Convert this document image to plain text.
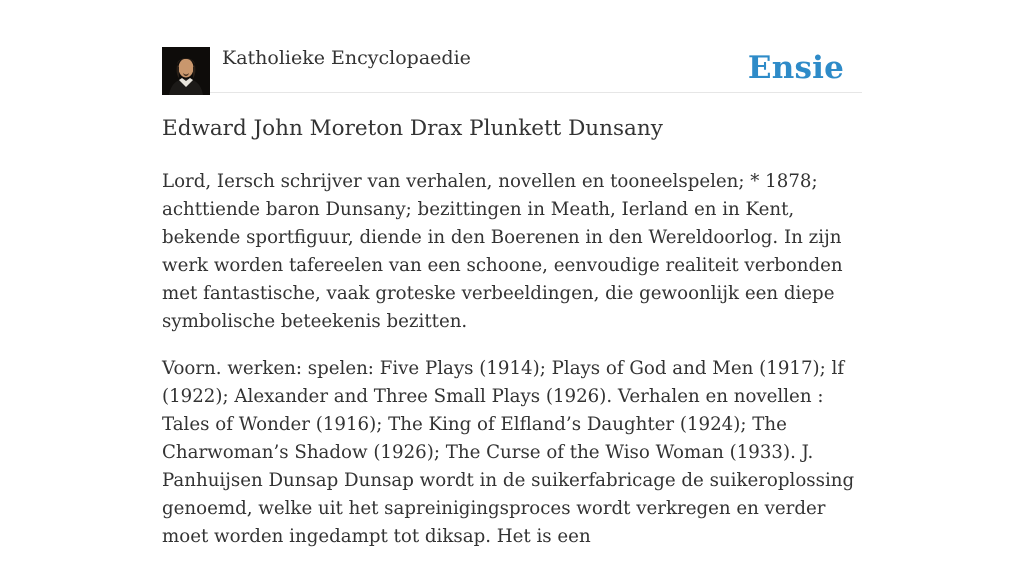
Katholieke Encyclopaedie	Ensie
Edward John Moreton Drax Plunkett Dunsany

Lord, Iersch schrijver van verhalen, novellen en tooneelspelen; * 1878; achttiende baron Dunsany; bezittingen in Meath, Ierland en in Kent, bekende sportfiguur, diende in den Boerenen in den Wereldoorlog. In zijn werk worden tafereelen van een schoone, eenvoudige realiteit verbonden met fantastische, vaak groteske verbeeldingen, die gewoonlijk een diepe symbolische beteekenis bezitten.

Voorn. werken: spelen: Five Plays (1914); Plays of God and Men (1917); lf (1922); Alexander and Three Small Plays (1926). Verhalen en novellen : Tales of Wonder (1916); The King of Elfland’s Daughter (1924); The Charwoman’s Shadow (1926); The Curse of the Wiso Woman (1933). J. Panhuijsen Dunsap Dunsap wordt in de suikerfabricage de suikeroplossing genoemd, welke uit het sapreinigingsproces wordt verkregen en verder moet worden ingedampt tot diksap. Het is een
